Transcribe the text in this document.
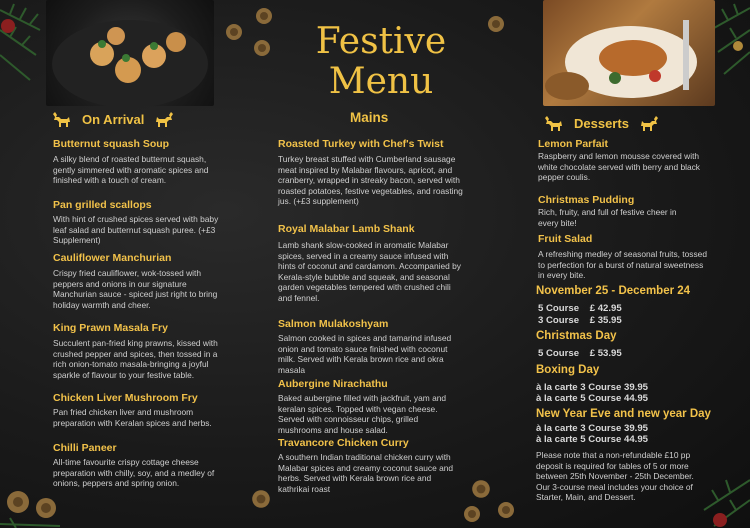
Festive
Menu
On Arrival
Butternut squash Soup
A silky blend of roasted butternut squash, gently simmered with aromatic spices and finished with a touch of cream.
Pan grilled scallops
With hint of crushed spices served with baby leaf salad and butternut squash puree. (+£3 Supplement)
Cauliflower Manchurian
Crispy fried cauliflower, wok-tossed with peppers and onions in our signature Manchurian sauce - spiced just right to bring holiday warmth and cheer.
King Prawn Masala Fry
Succulent pan-fried king prawns, kissed with crushed pepper and spices, then tossed in a rich onion-tomato masala-bringing a joyful sparkle of flavour to your festive table.
Chicken Liver Mushroom Fry
Pan fried chicken liver and mushroom preparation with Keralan spices and herbs.
Chilli Paneer
All-time favourite crispy cottage cheese preparation with chilly, soy, and a medley of onions, peppers and spring onion.
Mains
Roasted Turkey with Chef's Twist
Turkey breast stuffed with Cumberland sausage meat inspired by Malabar flavours, apricot, and cranberry, wrapped in streaky bacon, served with roasted potatoes, festive vegetables, and roasting jus. (+£3 supplement)
Royal Malabar Lamb Shank
Lamb shank slow-cooked in aromatic Malabar spices, served in a creamy sauce infused with hints of coconut and cardamom. Accompanied by Kerala-style bubble and squeak, and seasonal garden vegetables tempered with crushed chili and fennel.
Salmon Mulakoshyam
Salmon cooked in spices and tamarind infused onion and tomato sauce finished with coconut milk. Served with Kerala brown rice and okra masala
Aubergine Nirachathu
Baked aubergine filled with jackfruit, yam and keralan spices. Topped with vegan cheese. Served with connoisseur chips, grilled mushrooms and house salad.
Travancore Chicken Curry
A southern Indian traditional chicken curry with Malabar spices and creamy coconut sauce and herbs. Served with Kerala brown rice and kathrikai roast
Desserts
Lemon Parfait
Raspberry and lemon mousse covered with white chocolate served with berry and black pepper coulis.
Christmas Pudding
Rich, fruity, and full of festive cheer in every bite!
Fruit Salad
A refreshing medley of seasonal fruits, tossed to perfection for a burst of natural sweetness in every bite.
November 25 - December 24
5 Course    £ 42.95
3 Course    £ 35.95
Christmas Day
5 Course    £ 53.95
Boxing Day
à la carte 3 Course 39.95
à la carte 5 Course 44.95
New Year Eve and new year Day
à la carte 3 Course 39.95
à la carte 5 Course 44.95
Please note that a non-refundable £10 pp deposit is required for tables of 5 or more between 25th November - 25th December. Our 3-course meal includes your choice of Starter, Main, and Dessert.
